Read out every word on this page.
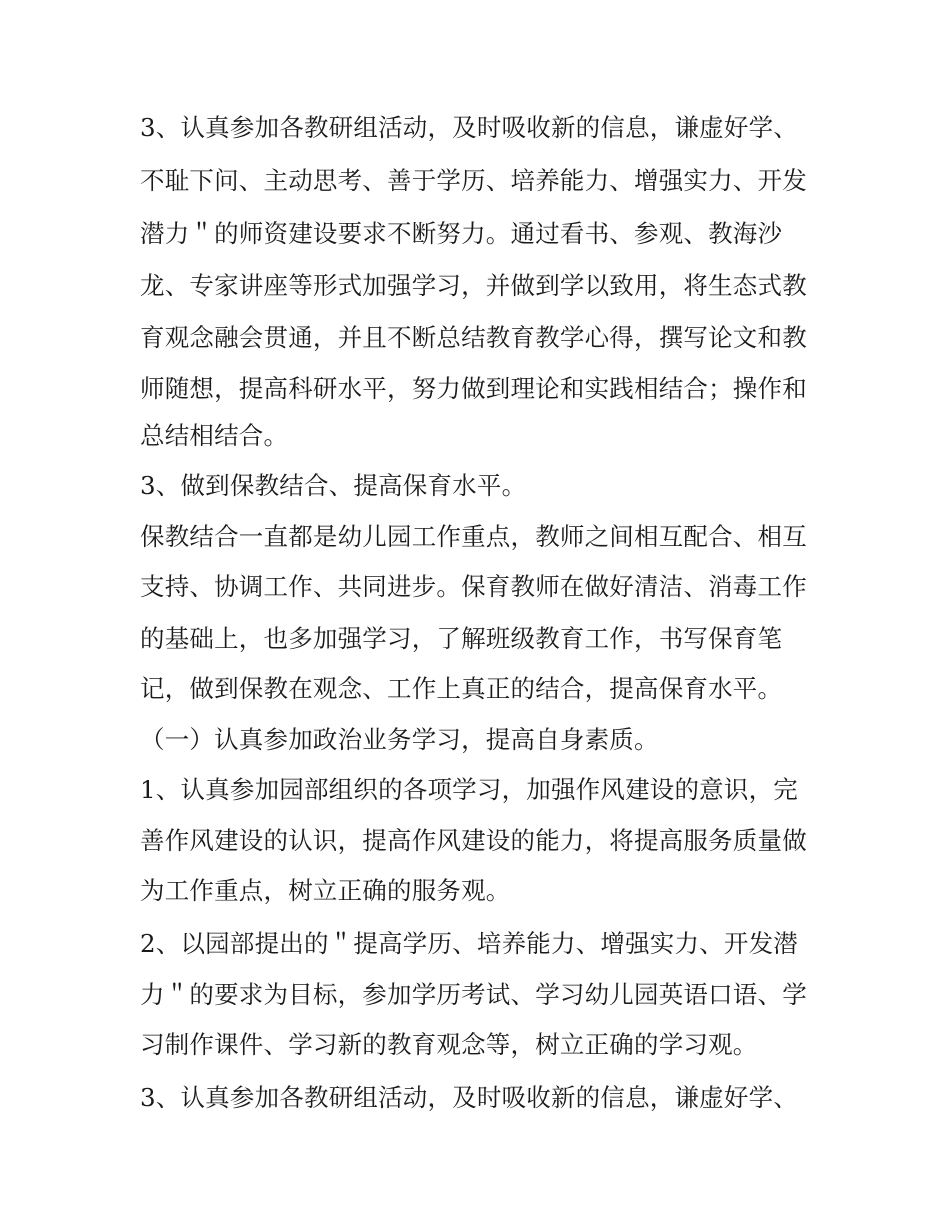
3、认真参加各教研组活动，及时吸收新的信息，谦虚好学、
不耻下问、主动思考、善于学历、培养能力、增强实力、开发
潜力＂的师资建设要求不断努力。通过看书、参观、教海沙
龙、专家讲座等形式加强学习，并做到学以致用，将生态式教
育观念融会贯通，并且不断总结教育教学心得，撰写论文和教
师随想，提高科研水平，努力做到理论和实践相结合；操作和
总结相结合。
3、做到保教结合、提高保育水平。
保教结合一直都是幼儿园工作重点，教师之间相互配合、相互
支持、协调工作、共同进步。保育教师在做好清洁、消毒工作
的基础上，也多加强学习，了解班级教育工作，书写保育笔
记，做到保教在观念、工作上真正的结合，提高保育水平。
（一）认真参加政治业务学习，提高自身素质。
1、认真参加园部组织的各项学习，加强作风建设的意识，完
善作风建设的认识，提高作风建设的能力，将提高服务质量做
为工作重点，树立正确的服务观。
2、以园部提出的＂提高学历、培养能力、增强实力、开发潜
力＂的要求为目标，参加学历考试、学习幼儿园英语口语、学
习制作课件、学习新的教育观念等，树立正确的学习观。
3、认真参加各教研组活动，及时吸收新的信息，谦虚好学、
